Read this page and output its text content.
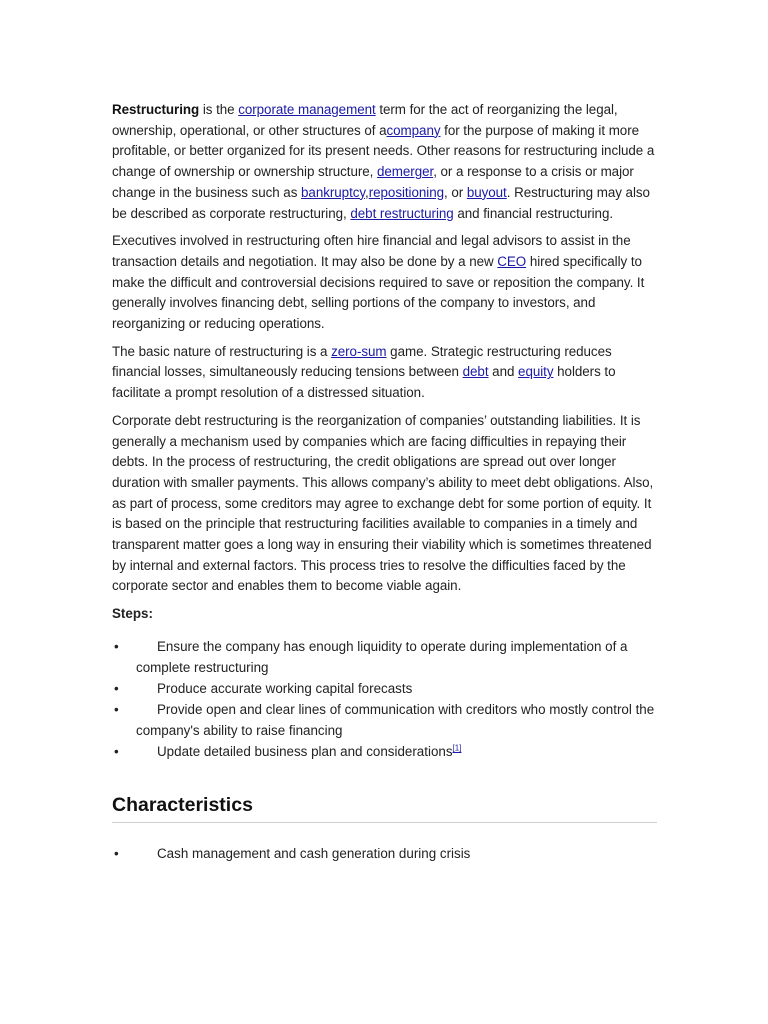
Restructuring is the corporate management term for the act of reorganizing the legal, ownership, operational, or other structures of acompany for the purpose of making it more profitable, or better organized for its present needs. Other reasons for restructuring include a change of ownership or ownership structure, demerger, or a response to a crisis or major change in the business such as bankruptcy,repositioning, or buyout. Restructuring may also be described as corporate restructuring, debt restructuring and financial restructuring.

Executives involved in restructuring often hire financial and legal advisors to assist in the transaction details and negotiation. It may also be done by a new CEO hired specifically to make the difficult and controversial decisions required to save or reposition the company. It generally involves financing debt, selling portions of the company to investors, and reorganizing or reducing operations.

The basic nature of restructuring is a zero-sum game. Strategic restructuring reduces financial losses, simultaneously reducing tensions between debt and equity holders to facilitate a prompt resolution of a distressed situation.

Corporate debt restructuring is the reorganization of companies’ outstanding liabilities. It is generally a mechanism used by companies which are facing difficulties in repaying their debts. In the process of restructuring, the credit obligations are spread out over longer duration with smaller payments. This allows company’s ability to meet debt obligations. Also, as part of process, some creditors may agree to exchange debt for some portion of equity. It is based on the principle that restructuring facilities available to companies in a timely and transparent matter goes a long way in ensuring their viability which is sometimes threatened by internal and external factors. This process tries to resolve the difficulties faced by the corporate sector and enables them to become viable again.

Steps:
•	Ensure the company has enough liquidity to operate during implementation of a complete restructuring
•	Produce accurate working capital forecasts
•	Provide open and clear lines of communication with creditors who mostly control the company's ability to raise financing
•	Update detailed business plan and considerations[1]
Characteristics
•	Cash management and cash generation during crisis
